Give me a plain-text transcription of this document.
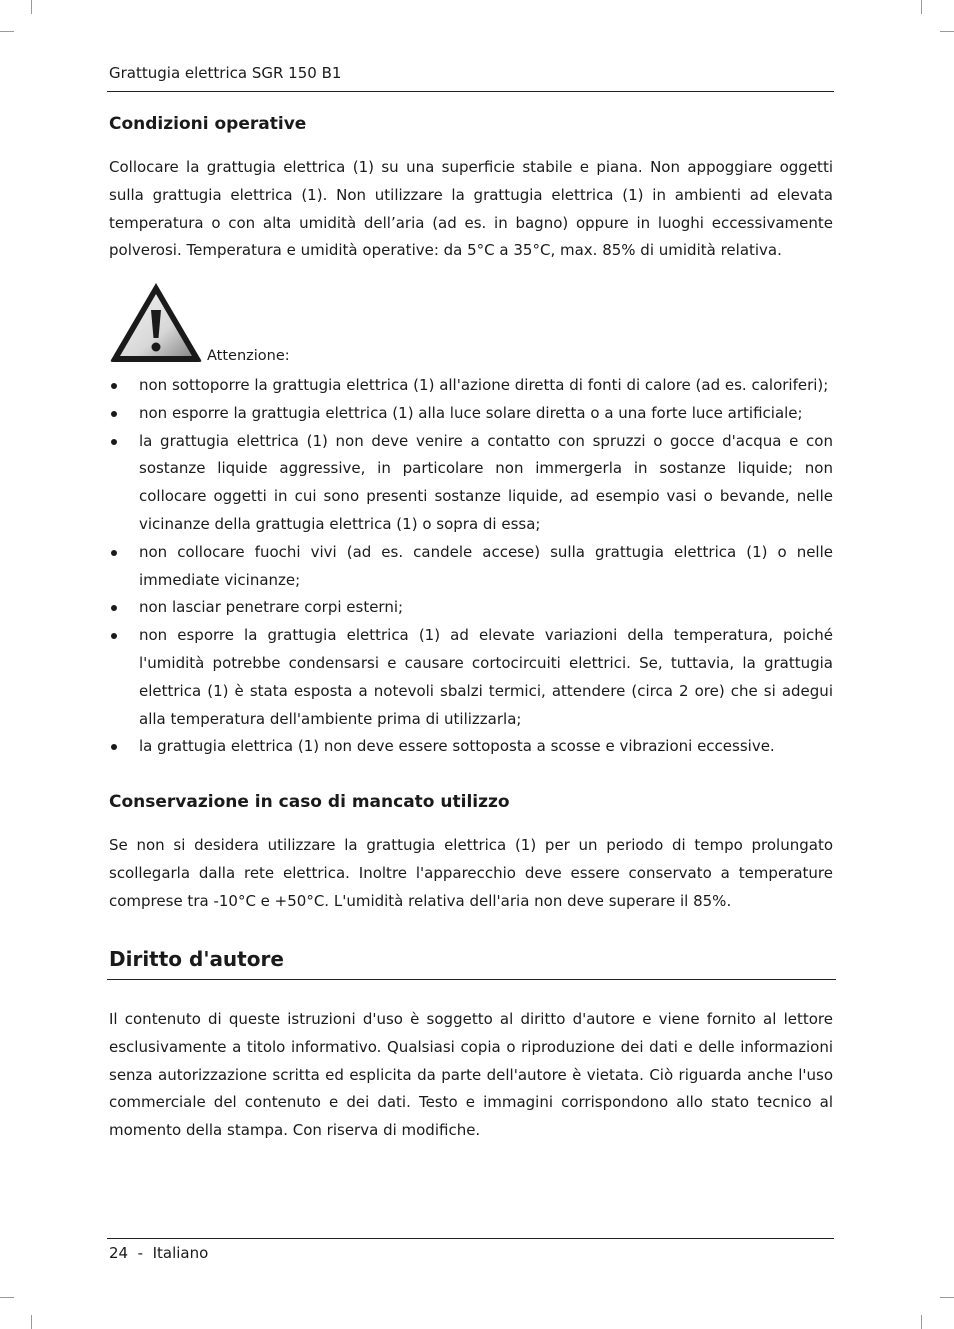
Grattugia elettrica SGR 150 B1
Condizioni operative
Collocare la grattugia elettrica (1) su una superficie stabile e piana. Non appoggiare oggetti sulla grattugia elettrica (1). Non utilizzare la grattugia elettrica (1) in ambienti ad elevata temperatura o con alta umidità dell’aria (ad es. in bagno) oppure in luoghi eccessivamente polverosi. Temperatura e umidità operative: da 5°C a 35°C, max. 85% di umidità relativa.
Attenzione:
non sottoporre la grattugia elettrica (1) all'azione diretta di fonti di calore (ad es. caloriferi);
non esporre la grattugia elettrica (1) alla luce solare diretta o a una forte luce artificiale;
la grattugia elettrica (1) non deve venire a contatto con spruzzi o gocce d'acqua e con sostanze liquide aggressive, in particolare non immergerla in sostanze liquide; non collocare oggetti in cui sono presenti sostanze liquide, ad esempio vasi o bevande, nelle vicinanze della grattugia elettrica (1) o sopra di essa;
non collocare fuochi vivi (ad es. candele accese) sulla grattugia elettrica (1) o nelle immediate vicinanze;
non lasciar penetrare corpi esterni;
non esporre la grattugia elettrica (1) ad elevate variazioni della temperatura, poiché l'umidità potrebbe condensarsi e causare cortocircuiti elettrici. Se, tuttavia, la grattugia elettrica (1) è stata esposta a notevoli sbalzi termici, attendere (circa 2 ore) che si adegui alla temperatura dell'ambiente prima di utilizzarla;
la grattugia elettrica (1) non deve essere sottoposta a scosse e vibrazioni eccessive.
Conservazione in caso di mancato utilizzo
Se non si desidera utilizzare la grattugia elettrica (1) per un periodo di tempo prolungato scollegarla dalla rete elettrica. Inoltre l'apparecchio deve essere conservato a temperature comprese tra -10°C e +50°C. L'umidità relativa dell'aria non deve superare il 85%.
Diritto d'autore
Il contenuto di queste istruzioni d'uso è soggetto al diritto d'autore e viene fornito al lettore esclusivamente a titolo informativo. Qualsiasi copia o riproduzione dei dati e delle informazioni senza autorizzazione scritta ed esplicita da parte dell'autore è vietata. Ciò riguarda anche l'uso commerciale del contenuto e dei dati. Testo e immagini corrispondono allo stato tecnico al momento della stampa. Con riserva di modifiche.
24  -  Italiano
